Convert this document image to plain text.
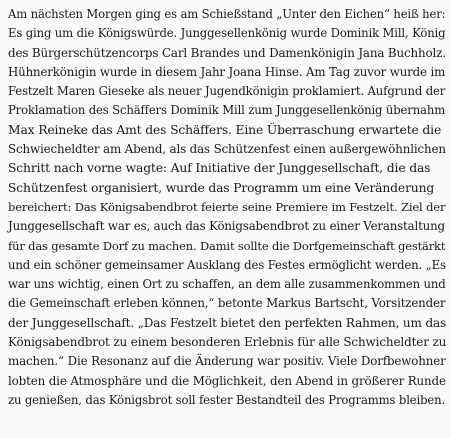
Am nächsten Morgen ging es am Schießstand „Unter den Eichen“ heiß her:
Es ging um die Königswürde. Junggesellenkönig wurde Dominik Mill, König
des Bürgerschützencorps Carl Brandes und Damenkönigin Jana Buchholz.
Hühnerkönigin wurde in diesem Jahr Joana Hinse. Am Tag zuvor wurde im
Festzelt Maren Gieseke als neuer Jugendkönigin proklamiert. Aufgrund der
Proklamation des Schäffers Dominik Mill zum Junggesellenkönig übernahm
Max Reineke das Amt des Schäffers. Eine Überraschung erwartete die
Schwiecheldter am Abend, als das Schützenfest einen außergewöhnlichen
Schritt nach vorne wagte: Auf Initiative der Junggesellschaft, die das
Schützenfest organisiert, wurde das Programm um eine Veränderung
bereichert: Das Königsabendbrot feierte seine Premiere im Festzelt. Ziel der
Junggesellschaft war es, auch das Königsabendbrot zu einer Veranstaltung
für das gesamte Dorf zu machen. Damit sollte die Dorfgemeinschaft gestärkt
und ein schöner gemeinsamer Ausklang des Festes ermöglicht werden. „Es
war uns wichtig, einen Ort zu schaffen, an dem alle zusammenkommen und
die Gemeinschaft erleben können,“ betonte Markus Bartscht, Vorsitzender
der Junggesellschaft. „Das Festzelt bietet den perfekten Rahmen, um das
Königsabendbrot zu einem besonderen Erlebnis für alle Schwicheldter zu
machen.“ Die Resonanz auf die Änderung war positiv. Viele Dorfbewohner
lobten die Atmosphäre und die Möglichkeit, den Abend in größerer Runde
zu genießen, das Königsbrot soll fester Bestandteil des Programms bleiben.
